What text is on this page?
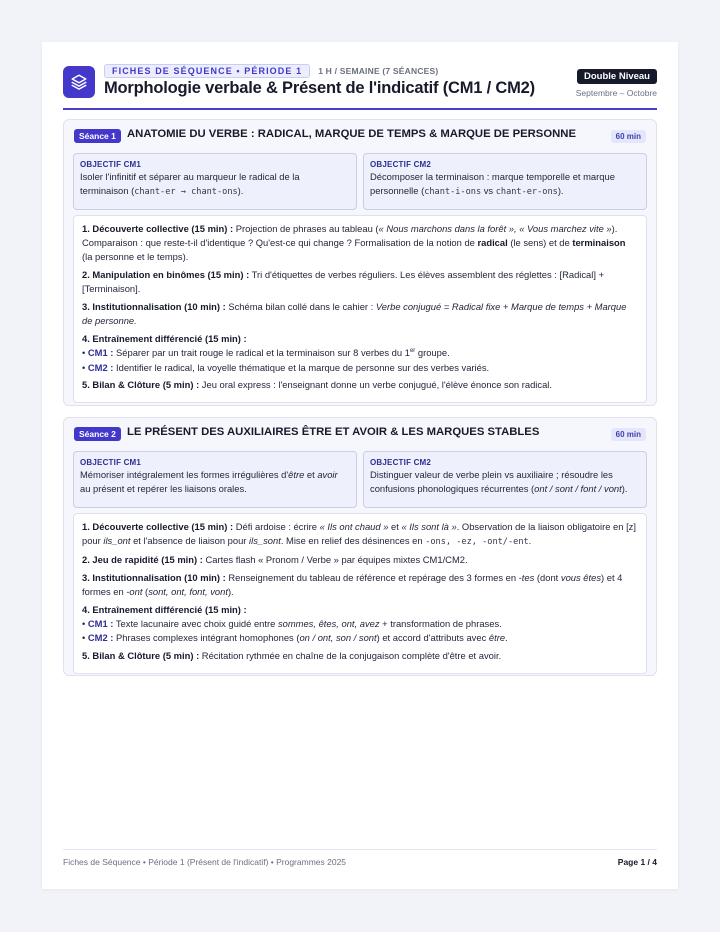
FICHES DE SÉQUENCE • PÉRIODE 1	1 H / SEMAINE (7 SÉANCES)
Morphologie verbale & Présent de l'indicatif (CM1 / CM2)
Double Niveau
Septembre – Octobre
Séance 1 ANATOMIE DU VERBE : RADICAL, MARQUE DE TEMPS & MARQUE DE PERSONNE	60 min
OBJECTIF CM1
Isoler l'infinitif et séparer au marqueur le radical de la terminaison (chant-er → chant-ons).
OBJECTIF CM2
Décomposer la terminaison : marque temporelle et marque personnelle (chant-i-ons vs chant-er-ons).
1. Découverte collective (15 min) : Projection de phrases au tableau (« Nous marchons dans la forêt », « Vous marchez vite »). Comparaison : que reste-t-il d'identique ? Qu'est-ce qui change ? Formalisation de la notion de radical (le sens) et de terminaison (la personne et le temps).
2. Manipulation en binômes (15 min) : Tri d'étiquettes de verbes réguliers. Les élèves assemblent des réglettes : [Radical] + [Terminaison].
3. Institutionnalisation (10 min) : Schéma bilan collé dans le cahier : Verbe conjugué = Radical fixe + Marque de temps + Marque de personne.
4. Entraînement différencié (15 min) :
• CM1 : Séparer par un trait rouge le radical et la terminaison sur 8 verbes du 1er groupe.
• CM2 : Identifier le radical, la voyelle thématique et la marque de personne sur des verbes variés.
5. Bilan & Clôture (5 min) : Jeu oral express : l'enseignant donne un verbe conjugué, l'élève énonce son radical.
Séance 2 LE PRÉSENT DES AUXILIAIRES ÊTRE ET AVOIR & LES MARQUES STABLES	60 min
OBJECTIF CM1
Mémoriser intégralement les formes irrégulières d'être et avoir au présent et repérer les liaisons orales.
OBJECTIF CM2
Distinguer valeur de verbe plein vs auxiliaire ; résoudre les confusions phonologiques récurrentes (ont / sont / font / vont).
1. Découverte collective (15 min) : Défi ardoise : écrire « Ils ont chaud » et « Ils sont là ». Observation de la liaison obligatoire en [z] pour ils_ont et l'absence de liaison pour ils_sont. Mise en relief des désinences en -ons, -ez, -ont/-ent.
2. Jeu de rapidité (15 min) : Cartes flash « Pronom / Verbe » par équipes mixtes CM1/CM2.
3. Institutionnalisation (10 min) : Renseignement du tableau de référence et repérage des 3 formes en -tes (dont vous êtes) et 4 formes en -ont (sont, ont, font, vont).
4. Entraînement différencié (15 min) :
• CM1 : Texte lacunaire avec choix guidé entre sommes, êtes, ont, avez + transformation de phrases.
• CM2 : Phrases complexes intégrant homophones (on / ont, son / sont) et accord d'attributs avec être.
5. Bilan & Clôture (5 min) : Récitation rythmée en chaîne de la conjugaison complète d'être et avoir.
Fiches de Séquence • Période 1 (Présent de l'indicatif) • Programmes 2025	Page 1 / 4
